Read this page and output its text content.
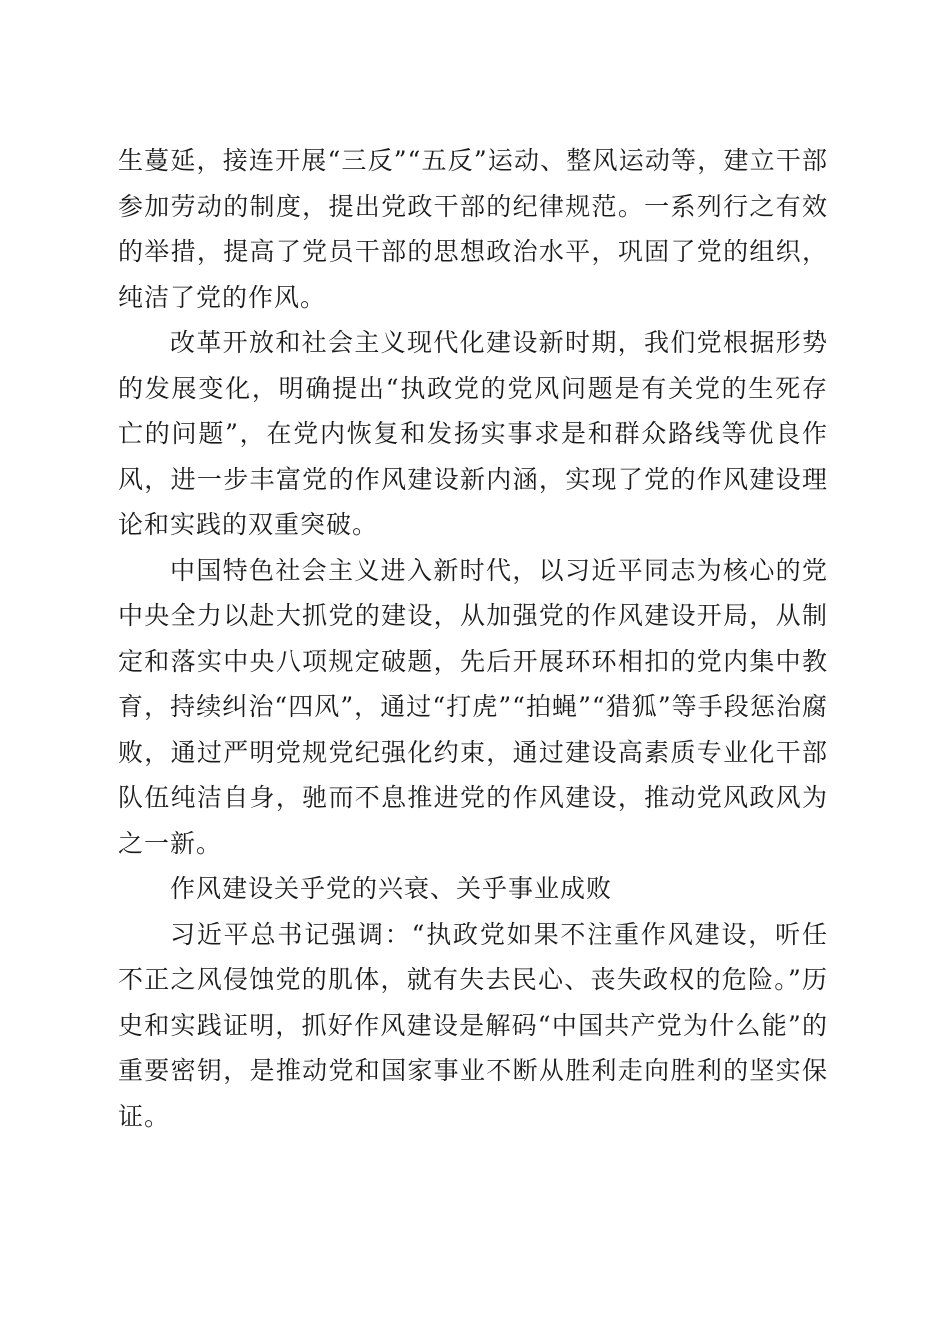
生蔓延，接连开展“三反”“五反”运动、整风运动等，建立干部参加劳动的制度，提出党政干部的纪律规范。一系列行之有效的举措，提高了党员干部的思想政治水平，巩固了党的组织，纯洁了党的作风。

改革开放和社会主义现代化建设新时期，我们党根据形势的发展变化，明确提出“执政党的党风问题是有关党的生死存亡的问题”，在党内恢复和发扬实事求是和群众路线等优良作风，进一步丰富党的作风建设新内涵，实现了党的作风建设理论和实践的双重突破。

中国特色社会主义进入新时代，以习近平同志为核心的党中央全力以赴大抓党的建设，从加强党的作风建设开局，从制定和落实中央八项规定破题，先后开展环环相扣的党内集中教育，持续纠治“四风”，通过“打虎”“拍蝇”“猎狐”等手段惩治腐败，通过严明党规党纪强化约束，通过建设高素质专业化干部队伍纯洁自身，驰而不息推进党的作风建设，推动党风政风为之一新。

作风建设关乎党的兴衰、关乎事业成败

习近平总书记强调：“执政党如果不注重作风建设，听任不正之风侵蚀党的肌体，就有失去民心、丧失政权的危险。”历史和实践证明，抓好作风建设是解码“中国共产党为什么能”的重要密钥，是推动党和国家事业不断从胜利走向胜利的坚实保证。
